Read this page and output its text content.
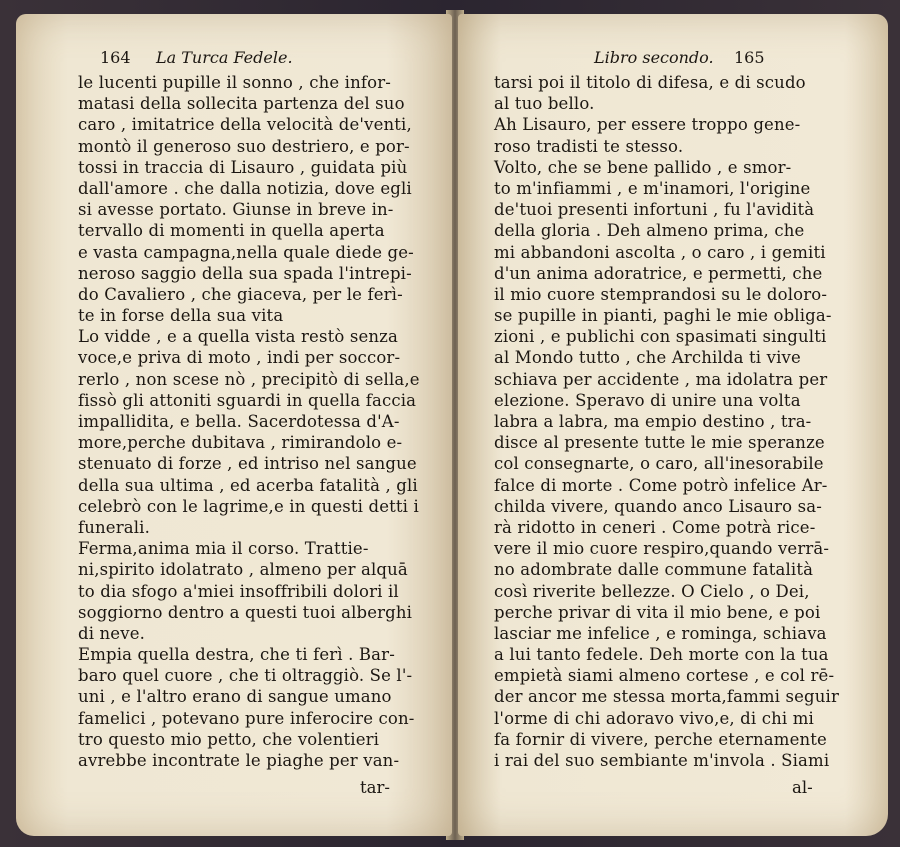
164 La Turca Fedele.
le lucenti pupille il sonno , che infor-
matasi della sollecita partenza del suo
caro , imitatrice della velocità de'venti,
montò il generoso suo destriero, e por-
tossi in traccia di Lisauro , guidata più
dall'amore . che dalla notizia, dove egli
si avesse portato. Giunse in breve in-
tervallo di momenti in quella aperta
e vasta campagna,nella quale diede ge-
neroso saggio della sua spada l'intrepi-
do Cavaliero , che giaceva, per le ferì-
te in forse della sua vita
Lo vidde , e a quella vista restò senza
voce,e priva di moto , indi per soccor-
rerlo , non scese nò , precipitò di sella,e
fissò gli attoniti sguardi in quella faccia
impallidita, e bella. Sacerdotessa d'A-
more,perche dubitava , rimirandolo e-
stenuato di forze , ed intriso nel sangue
della sua ultima , ed acerba fatalità , gli
celebrò con le lagrime,e in questi detti i
funerali.
Ferma,anima mia il corso. Trattie-
ni,spirito idolatrato , almeno per alquā
to dia sfogo a'miei insoffribili dolori il
soggiorno dentro a questi tuoi alberghi
di neve.
Empia quella destra, che ti ferì . Bar-
baro quel cuore , che ti oltraggiò. Se l'-
uni , e l'altro erano di sangue umano
famelici , potevano pure inferocire con-
tro questo mio petto, che volentieri
avrebbe incontrate le piaghe per van-
tar-
Libro secondo. 165
tarsi poi il titolo di difesa, e di scudo
al tuo bello.
Ah Lisauro, per essere troppo gene-
roso tradisti te stesso.
Volto, che se bene pallido , e smor-
to m'infiammi , e m'inamori, l'origine
de'tuoi presenti infortuni , fu l'avidità
della gloria . Deh almeno prima, che
mi abbandoni ascolta , o caro , i gemiti
d'un anima adoratrice, e permetti, che
il mio cuore stemprandosi su le doloro-
se pupille in pianti, paghi le mie obliga-
zioni , e publichi con spasimati singulti
al Mondo tutto , che Archilda ti vive
schiava per accidente , ma idolatra per
elezione. Speravo di unire una volta
labra a labra, ma empio destino , tra-
disce al presente tutte le mie speranze
col consegnarte, o caro, all'inesorabile
falce di morte . Come potrò infelice Ar-
childa vivere, quando anco Lisauro sa-
rà ridotto in ceneri . Come potrà rice-
vere il mio cuore respiro,quando verrā-
no adombrate dalle commune fatalità
così riverite bellezze. O Cielo , o Dei,
perche privar di vita il mio bene, e poi
lasciar me infelice , e rominga, schiava
a lui tanto fedele. Deh morte con la tua
empietà siami almeno cortese , e col rē-
der ancor me stessa morta,fammi seguir
l'orme di chi adoravo vivo,e, di chi mi
fa fornir di vivere, perche eternamente
i rai del suo sembiante m'invola . Siami
al-
